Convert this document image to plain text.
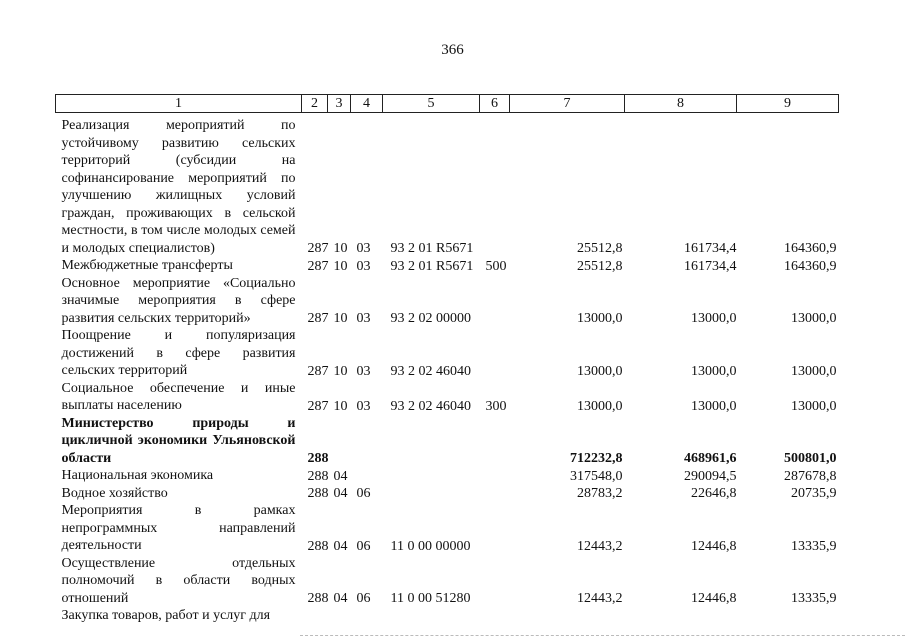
366
1	2	3	4	5	6	7	8	9
Реализация мероприятий по устойчивому развитию сельских территорий (субсидии на софинансирование мероприятий по улучшению жилищных условий граждан, проживающих в сельской местности, в том числе молодых семей и молодых специалистов)	287	10	03	93 2 01 R5671		25512,8	161734,4	164360,9
Межбюджетные трансферты	287	10	03	93 2 01 R5671	500	25512,8	161734,4	164360,9
Основное мероприятие «Социально значимые мероприятия в сфере развития сельских территорий»	287	10	03	93 2 02 00000		13000,0	13000,0	13000,0
Поощрение и популяризация достижений в сфере развития сельских территорий	287	10	03	93 2 02 46040		13000,0	13000,0	13000,0
Социальное обеспечение и иные выплаты населению	287	10	03	93 2 02 46040	300	13000,0	13000,0	13000,0
Министерство природы и цикличной экономики Ульяновской области	288					712232,8	468961,6	500801,0
Национальная экономика	288	04				317548,0	290094,5	287678,8
Водное хозяйство	288	04	06			28783,2	22646,8	20735,9
Мероприятия в рамках непрограммных направлений деятельности	288	04	06	11 0 00 00000		12443,2	12446,8	13335,9
Осуществление отдельных полномочий в области водных отношений	288	04	06	11 0 00 51280		12443,2	12446,8	13335,9
Закупка товаров, работ и услуг для								
